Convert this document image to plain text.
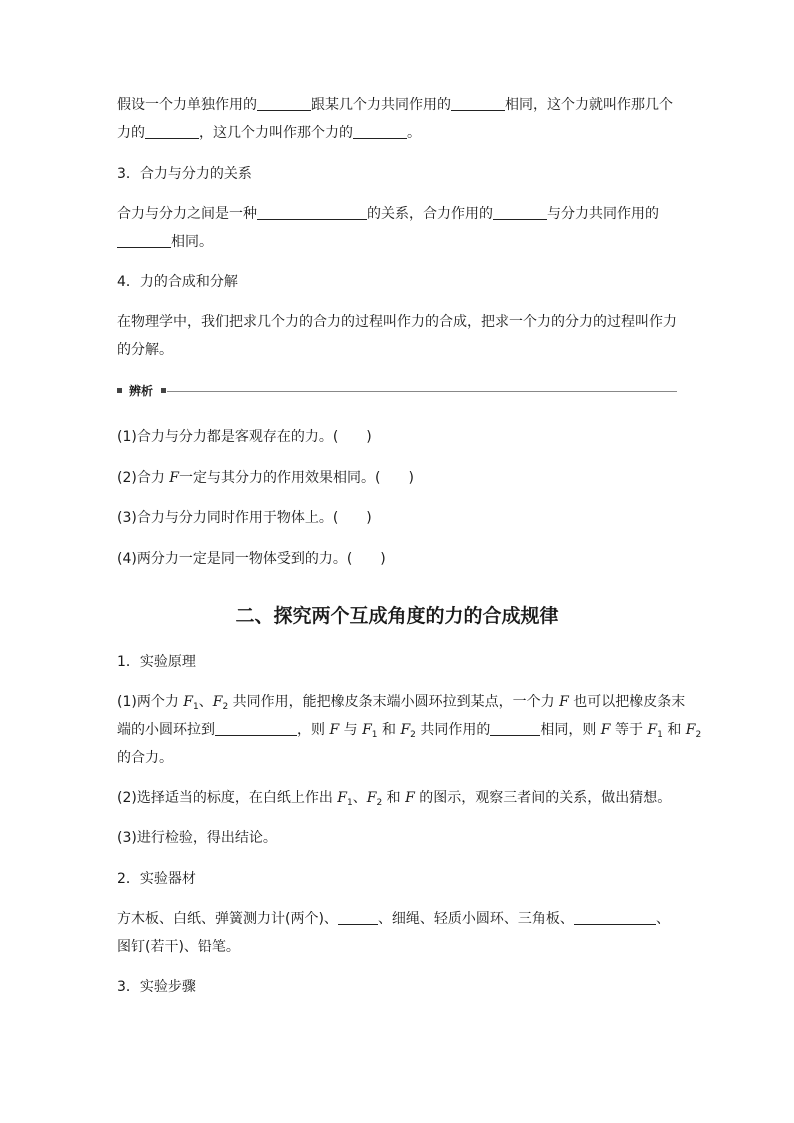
假设一个力单独作用的	跟某几个力共同作用的	相同，这个力就叫作那几个
力的	，这几个力叫作那个力的	。
3．合力与分力的关系
合力与分力之间是一种	的关系，合力作用的	与分力共同作用的
相同。
4．力的合成和分解
在物理学中，我们把求几个力的合力的过程叫作力的合成，把求一个力的分力的过程叫作力
的分解。
辨析
(1)合力与分力都是客观存在的力。(　　)
(2)合力 F一定与其分力的作用效果相同。(　　)
(3)合力与分力同时作用于物体上。(　　)
(4)两分力一定是同一物体受到的力。(　　)
二、探究两个互成角度的力的合成规律
1．实验原理
(1)两个力 $F_1$、$F_2$ 共同作用，能把橡皮条末端小圆环拉到某点，一个力 F 也可以把橡皮条末
端的小圆环拉到	，则 F 与 $F_1$ 和 $F_2$ 共同作用的	相同，则 F 等于 $F_1$ 和 $F_2$
的合力。
(2)选择适当的标度，在白纸上作出 $F_1$、$F_2$ 和 F 的图示，观察三者间的关系，做出猜想。
(3)进行检验，得出结论。
2．实验器材
方木板、白纸、弹簧测力计(两个)、	、细绳、轻质小圆环、三角板、	、
图钉(若干)、铅笔。
3．实验步骤
